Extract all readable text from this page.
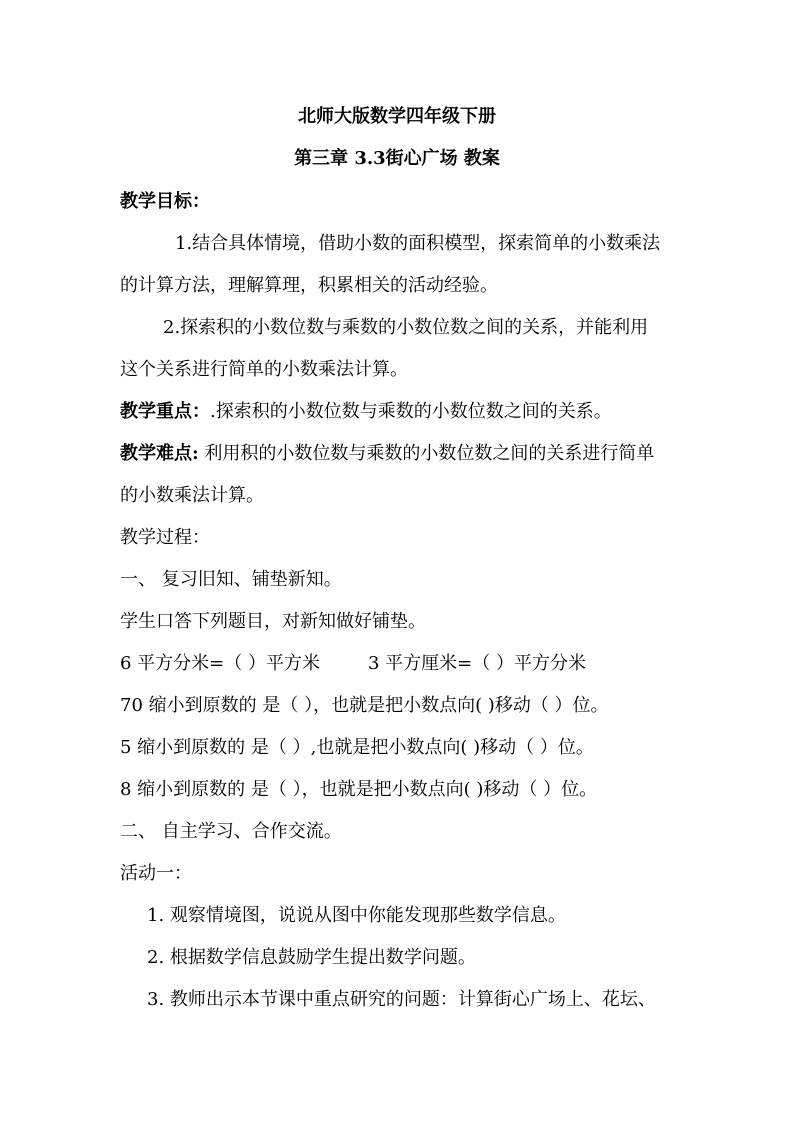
北师大版数学四年级下册
第三章 3.3街心广场 教案
教学目标：
1.结合具体情境，借助小数的面积模型，探索简单的小数乘法
的计算方法，理解算理，积累相关的活动经验。
2.探索积的小数位数与乘数的小数位数之间的关系，并能利用
这个关系进行简单的小数乘法计算。
教学重点：.探索积的小数位数与乘数的小数位数之间的关系。
教学难点: 利用积的小数位数与乘数的小数位数之间的关系进行简单
的小数乘法计算。
教学过程：
一、 复习旧知、铺垫新知。
学生口答下列题目，对新知做好铺垫。
6 平方分米=（ ）平方米	3 平方厘米=（ ）平方分米
70 缩小到原数的 是（ ），也就是把小数点向( )移动（ ）位。
5 缩小到原数的 是（ ）,也就是把小数点向( )移动（ ）位。
8 缩小到原数的 是（ ），也就是把小数点向( )移动（ ）位。
二、 自主学习、合作交流。
活动一：
1. 观察情境图，说说从图中你能发现那些数学信息。
2. 根据数学信息鼓励学生提出数学问题。
3. 教师出示本节课中重点研究的问题：计算街心广场上、花坛、
